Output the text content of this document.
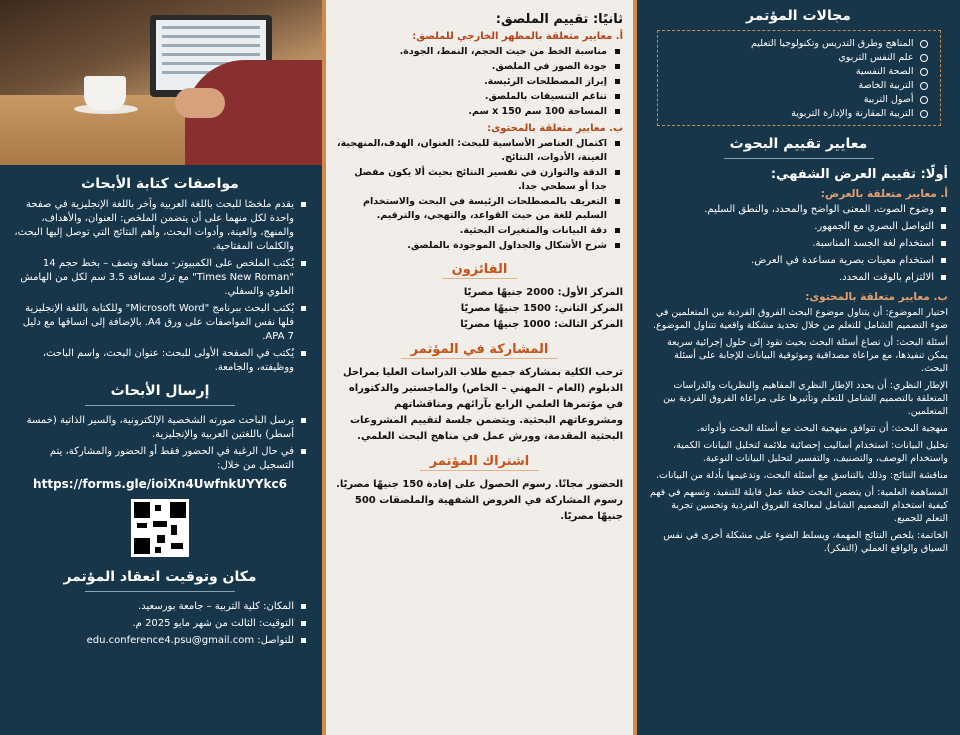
مواصفات كتابة الأبحاث
يقدم ملخصًا للبحث باللغة العربية وآخر باللغة الإنجليزية في صفحة واحدة لكل منهما على أن يتضمن الملخص: العنوان، والأهداف، والمنهج، والعينة، وأدوات البحث، وأهم النتائج التي توصل إليها البحث، والكلمات المفتاحية.
يُكتب الملخص على الكمبيوتر- مسافة ونصف – بخط حجم 14 "Times New Roman" مع ترك مسافة 3.5 سم لكل من الهامش العلوي والسفلي.
يُكتب البحث ببرنامج "Microsoft Word" وللكتابة باللغة الإنجليزية فلها نفس المواصفات على ورق A4. بالإضافة إلى اتساقها مع دليل APA 7.
يُكتب في الصفحة الأولى للبحث: عنوان البحث، واسم الباحث، ووظيفته، والجامعة.
إرسال الأبحاث
يرسل الباحث صورته الشخصية الإلكترونية، والسير الذاتية (خمسة أسطر) باللغتين العربية والإنجليزية.
في حال الرغبة في الحضور فقط أو الحضور والمشاركة، يتم التسجيل من خلال:
https://forms.gle/ioiXn4UwfnkUYYkc6
مكان وتوقيت انعقاد المؤتمر
المكان: كلية التربية – جامعة بورسعيد.
التوقيت: الثالث من شهر مايو 2025 م.
للتواصل: edu.conference4.psu@gmail.com
ثانيًا: تقييم الملصق:
أ. معايير متعلقة بالمظهر الخارجي للملصق:
مناسبة الخط من حيث الحجم، النمط، الجودة.
جودة الصور في الملصق.
إبراز المصطلحات الرئيسة.
تناغم التنسيقات بالملصق.
المساحة 100 سم x 150 سم.
ب. معايير متعلقة بالمحتوى:
اكتمال العناصر الأساسية للبحث: العنوان، الهدف،المنهجية، العينة، الأدوات، النتائج.
الدقة والتوازن في تفسير النتائج بحيث ألا يكون مفصل جدا أو سطحي جدا.
التعريف بالمصطلحات الرئيسة في البحث والاستخدام السليم للغة من حيث القواعد، والتهجي، والترقيم.
دقة البيانات والمتغيرات البحثية.
شرح الأشكال والجداول الموجودة بالملصق.
الفائزون
المركز الأول: 2000 جنيهًا مصريًا
المركز الثاني: 1500 جنيهًا مصريًا
المركز الثالث: 1000 جنيهًا مصريًا
المشاركة في المؤتمر
ترحب الكلية بمشاركة جميع طلاب الدراسات العليا بمراحل الدبلوم (العام – المهني – الخاص) والماجستير والدكتوراه في مؤتمرها العلمي الرابع بآرائهم ومناقشاتهم ومشروعاتهم البحثية. ويتضمن جلسة لتقييم المشروعات البحثية المقدمة، وورش عمل في مناهج البحث العلمي.
اشتراك المؤتمر
الحضور مجانًا. رسوم الحصول على إفادة 150 جنيهًا مصريًا. رسوم المشاركة في العروض الشفهية والملصقات 500 جنيهًا مصريًا.
مجالات المؤتمر
المناهج وطرق التدريس وتكنولوجيا التعليم
علم النفس التربوي
الصحة النفسية
التربية الخاصة
أصول التربية
التربية المقارنة والإدارة التربوية
معايير تقييم البحوث
أولًا: تقييم العرض الشفهي:
أ. معايير متعلقة بالعرض:
وضوح الصوت، المعنى الواضح والمحدد، والنطق السليم.
التواصل البصري مع الجمهور.
استخدام لغة الجسد المناسبة.
استخدام معينات بصرية مساعدة في العرض.
الالتزام بالوقت المحدد.
ب. معايير متعلقة بالمحتوى:
اختيار الموضوع: أن يتناول موضوع البحث الفروق الفردية بين المتعلمين في ضوء التصميم الشامل للتعلم من خلال تحديد مشكلة واقعية تتناول الموضوع.
أسئلة البحث: أن تصاغ أسئلة البحث بحيث تقود إلى حلول إجرائية سريعة يمكن تنفيذها، مع مراعاة مصداقية وموثوقية البيانات للإجابة على أسئلة البحث.
الإطار النظري: أن يحدد الإطار النظري المفاهيم والنظريات والدراسات المتعلقة بالتصميم الشامل للتعلم وتأثيرها على مراعاة الفروق الفردية بين المتعلمين.
منهجية البحث: أن تتوافق منهجية البحث مع أسئلة البحث وأدواته.
تحليل البيانات: استخدام أساليب إحصائية ملائمة لتحليل البيانات الكمية، واستخدام الوصف، والتصنيف، والتفسير لتحليل البيانات النوعية.
مناقشة النتائج: وذلك بالتناسق مع أسئلة البحث، وتدعيمها بأدلة من البيانات.
المساهمة العلمية: أن يتضمن البحث خطة عمل قابلة للتنفيذ، وتسهم في فهم كيفية استخدام التصميم الشامل لمعالجة الفروق الفردية وتحسين تجربة التعلم للجميع.
الخاتمة: يلخص النتائج المهمة، ويسلط الضوء على مشكلة أخرى في نفس السياق والواقع العملي (التفكر).
